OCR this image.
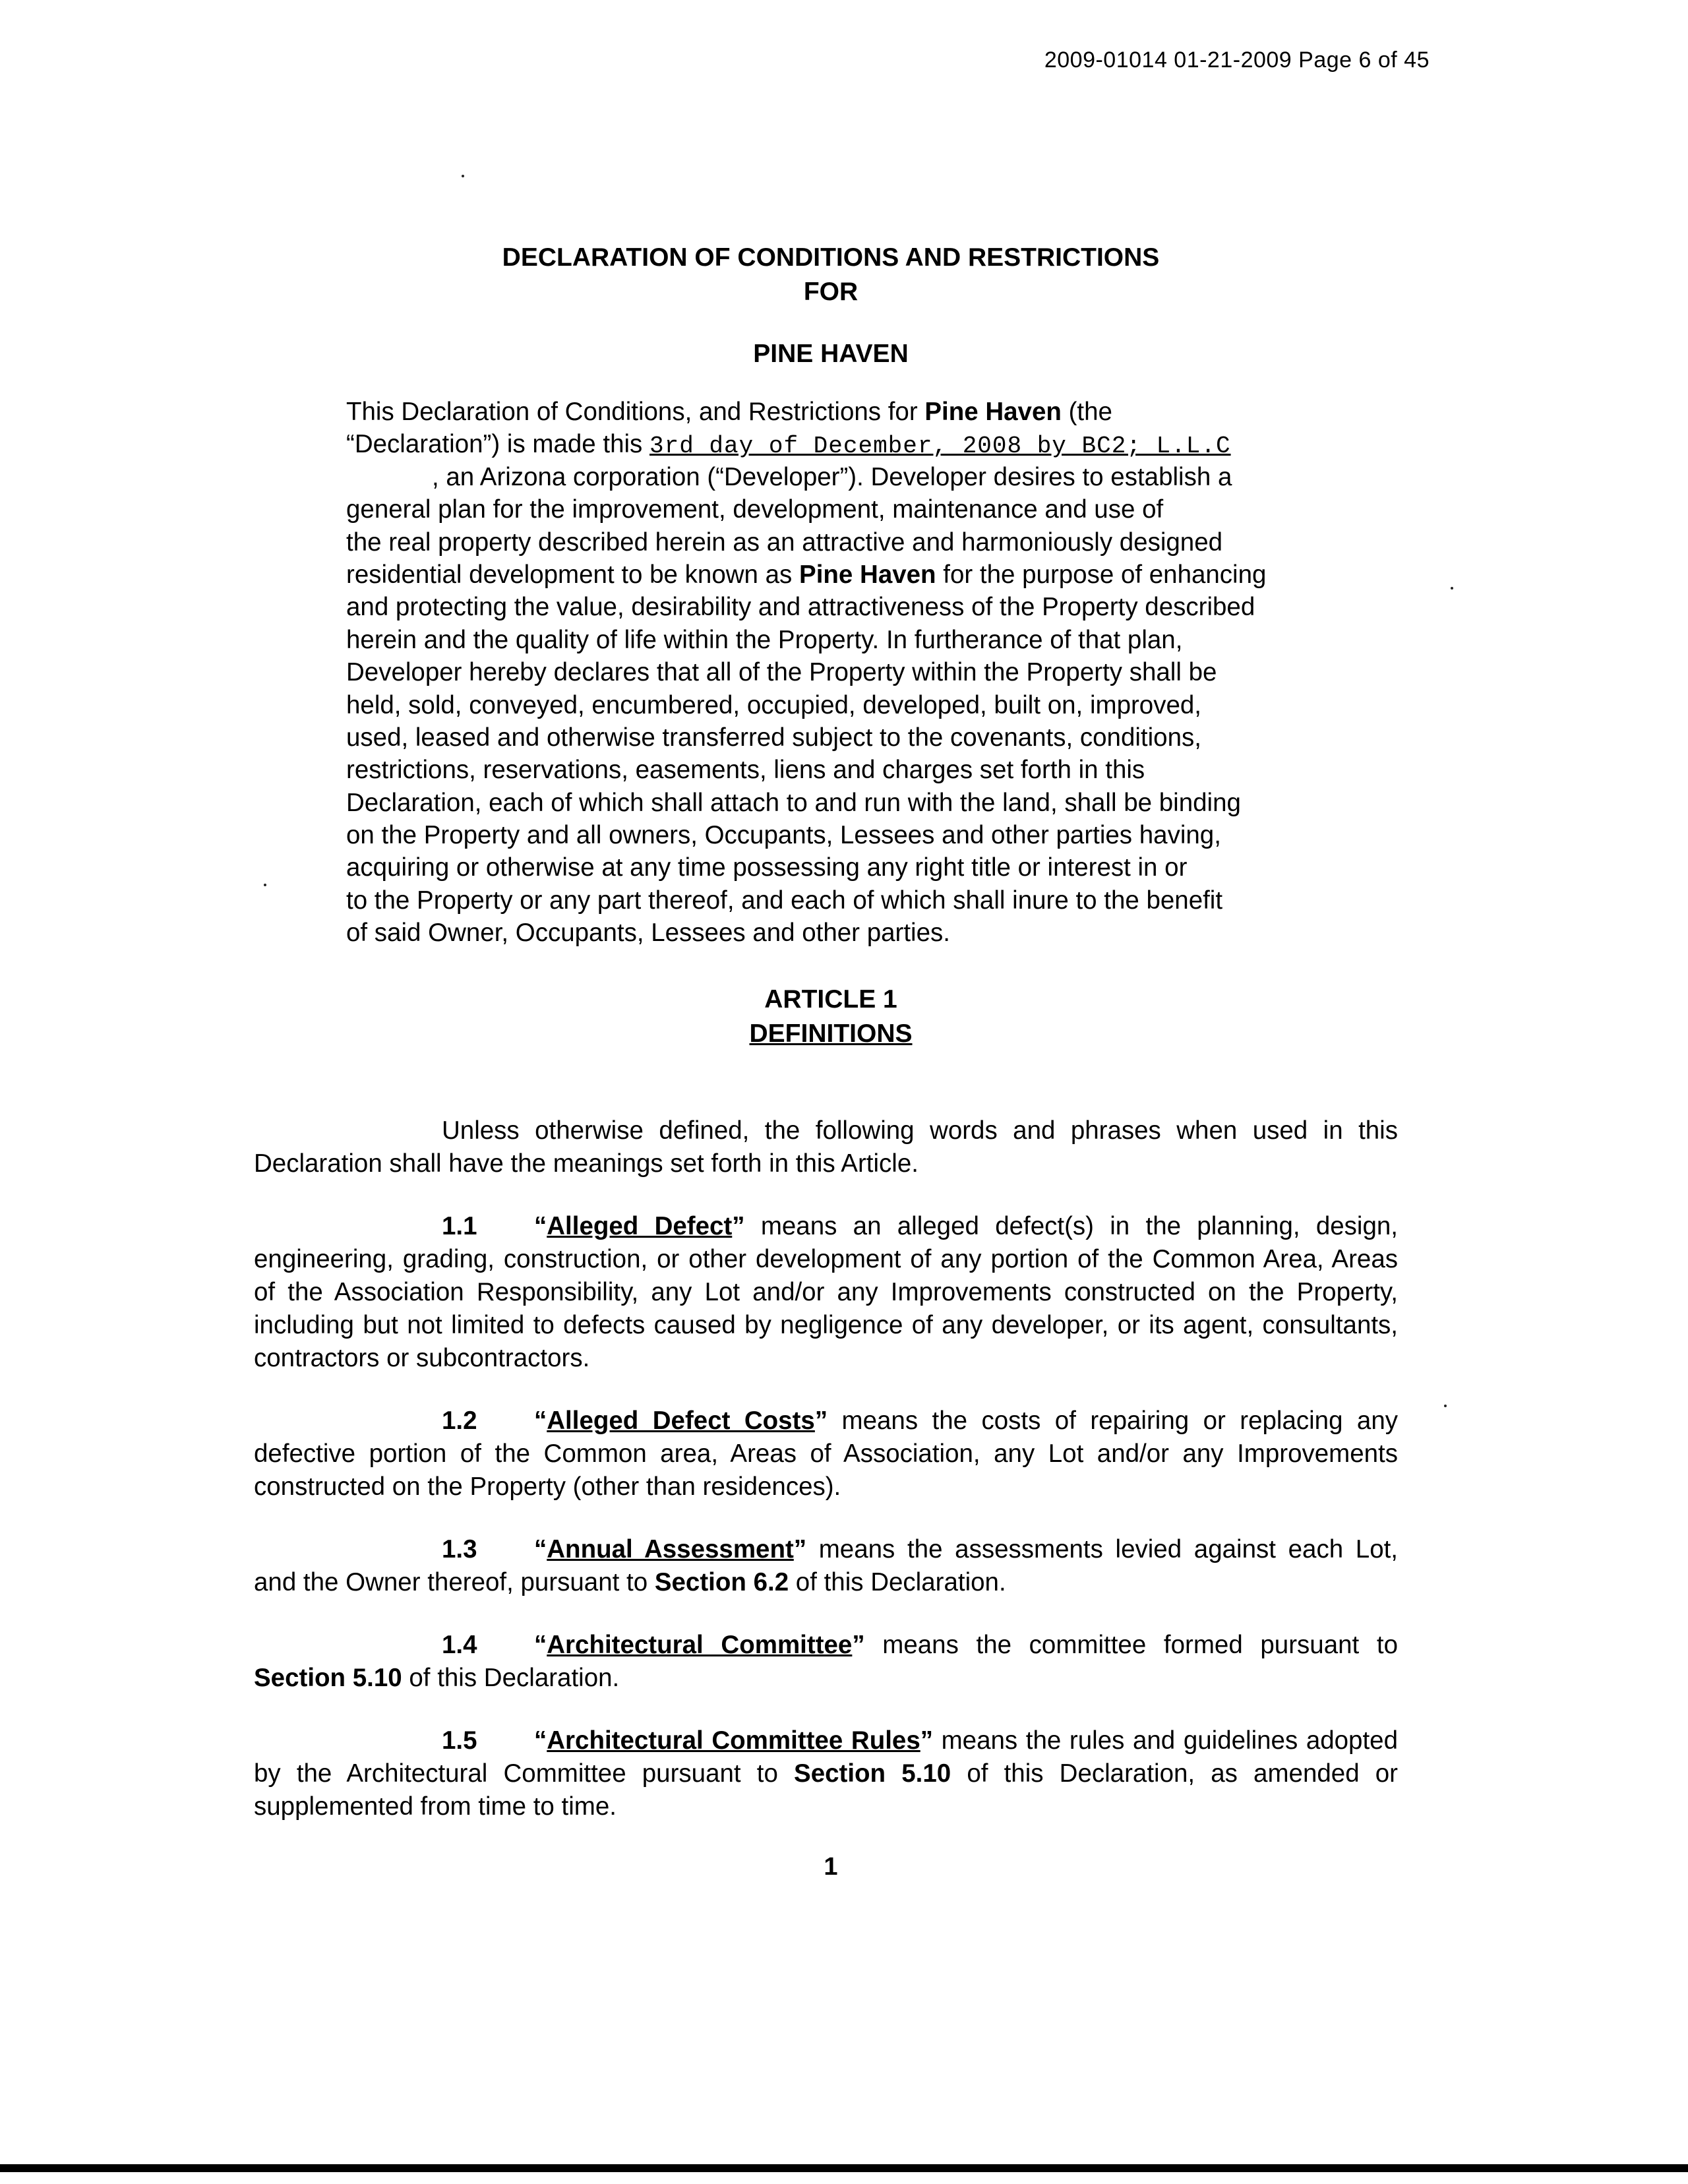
2009-01014 01-21-2009 Page 6 of 45
DECLARATION OF CONDITIONS AND RESTRICTIONS
FOR
PINE HAVEN
This Declaration of Conditions, and Restrictions for Pine Haven (the
“Declaration”) is made this 3rd day of December, 2008 by BC2; L.L.C
, an Arizona corporation (“Developer”). Developer desires to establish a
general plan for the improvement, development, maintenance and use of
the real property described herein as an attractive and harmoniously designed
residential development to be known as Pine Haven for the purpose of enhancing
and protecting the value, desirability and attractiveness of the Property described
herein and the quality of life within the Property. In furtherance of that plan,
Developer hereby declares that all of the Property within the Property shall be
held, sold, conveyed, encumbered, occupied, developed, built on, improved,
used, leased and otherwise transferred subject to the covenants, conditions,
restrictions, reservations, easements, liens and charges set forth in this
Declaration, each of which shall attach to and run with the land, shall be binding
on the Property and all owners, Occupants, Lessees and other parties having,
acquiring or otherwise at any time possessing any right title or interest in or
to the Property or any part thereof, and each of which shall inure to the benefit
of said Owner, Occupants, Lessees and other parties.
ARTICLE 1
DEFINITIONS

Unless otherwise defined, the following words and phrases when used in this Declaration shall have the meanings set forth in this Article.

1.1 “Alleged Defect” means an alleged defect(s) in the planning, design, engineering, grading, construction, or other development of any portion of the Common Area, Areas of the Association Responsibility, any Lot and/or any Improvements constructed on the Property, including but not limited to defects caused by negligence of any developer, or its agent, consultants, contractors or subcontractors.

1.2 “Alleged Defect Costs” means the costs of repairing or replacing any defective portion of the Common area, Areas of Association, any Lot and/or any Improvements constructed on the Property (other than residences).

1.3 “Annual Assessment” means the assessments levied against each Lot, and the Owner thereof, pursuant to Section 6.2 of this Declaration.

1.4 “Architectural Committee” means the committee formed pursuant to Section 5.10 of this Declaration.

1.5 “Architectural Committee Rules” means the rules and guidelines adopted by the Architectural Committee pursuant to Section 5.10 of this Declaration, as amended or supplemented from time to time.

1
